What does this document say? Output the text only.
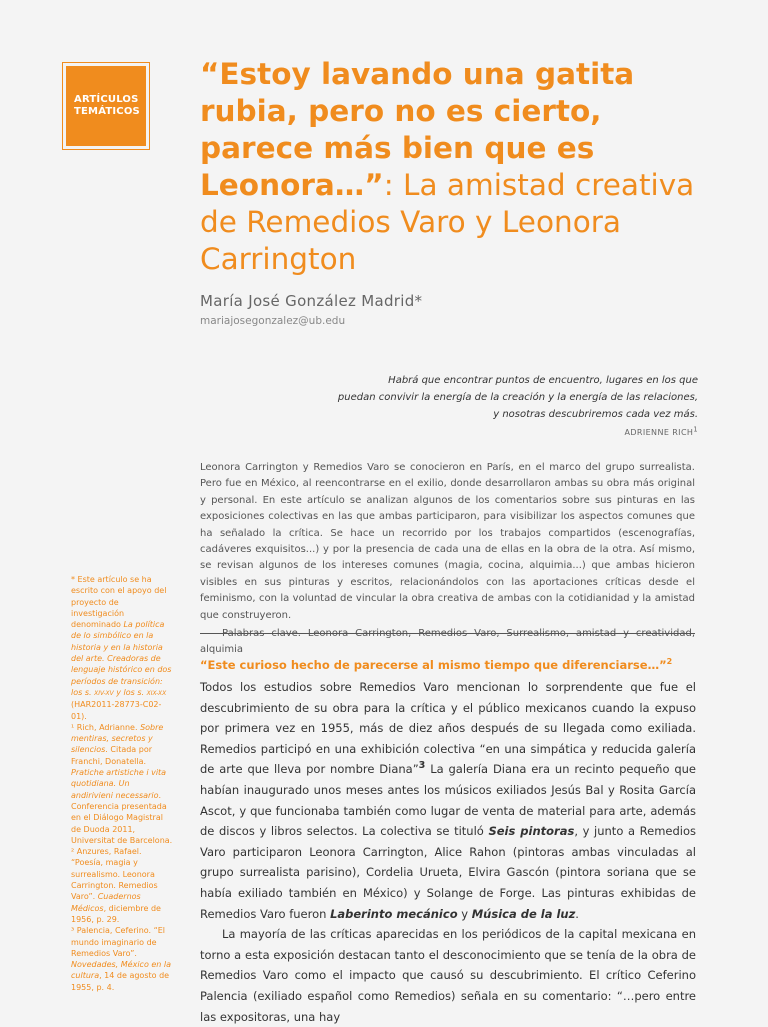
ARTÍCULOS
TEMÁTICOS
“Estoy lavando una gatita rubia, pero no es cierto, parece más bien que es Leonora…”: La amistad creativa de Remedios Varo y Leonora Carrington
María José González Madrid*
mariajosegonzalez@ub.edu
Habrá que encontrar puntos de encuentro, lugares en los que
puedan convivir la energía de la creación y la energía de las relaciones,
y nosotras descubriremos cada vez más.
ADRIENNE RICH$^1$

Leonora Carrington y Remedios Varo se conocieron en París, en el marco del grupo surrealista. Pero fue en México, al reencontrarse en el exilio, donde desarrollaron ambas su obra más original y personal. En este artículo se analizan algunos de los comentarios sobre sus pinturas en las exposiciones colectivas en las que ambas participaron, para visibilizar los aspectos comunes que ha señalado la crítica. Se hace un recorrido por los trabajos compartidos (escenografías, cadáveres exquisitos...) y por la presencia de cada una de ellas en la obra de la otra. Así mismo, se revisan algunos de los intereses comunes (magia, cocina, alquimia...) que ambas hicieron visibles en sus pinturas y escritos, relacionándolos con las aportaciones críticas desde el feminismo, con la voluntad de vincular la obra creativa de ambas con la cotidianidad y la amistad que construyeron.

alquimia

“Este curioso hecho de parecerse al mismo tiempo que diferenciarse…”$^2$

Todos los estudios sobre Remedios Varo mencionan lo sorprendente que fue el descubrimiento de su obra para la crítica y el público mexicanos cuando la expuso por primera vez en 1955, más de diez años después de su llegada como exiliada. Remedios participó en una exhibición colectiva “en una simpática y reducida galería de arte que lleva por nombre Diana”$^3$ La galería Diana era un recinto pequeño que habían inaugurado unos meses antes los músicos exiliados Jesús Bal y Rosita García Ascot, y que funcionaba también como lugar de venta de material para arte, además de discos y libros selectos. La colectiva se tituló Seis pintoras, y junto a Remedios Varo participaron Leonora Carrington, Alice Rahon (pintoras ambas vinculadas al grupo surrealista parisino), Cordelia Urueta, Elvira Gascón (pintora soriana que se había exiliado también en México) y Solange de Forge. Las pinturas exhibidas de Remedios Varo fueron Laberinto mecánico y Música de la luz.

La mayoría de las críticas aparecidas en los periódicos de la capital mexicana en torno a esta exposición destacan tanto el desconocimiento que se tenía de la obra de Remedios Varo como el impacto que causó su descubrimiento. El crítico Ceferino Palencia (exiliado español como Remedios) señala en su comentario: “…pero entre las expositoras, una hay

* Este artículo se ha escrito con el apoyo del proyecto de investigación denominado La política de lo simbólico en la historia y en la historia del arte. Creadoras de lenguaje histórico en dos períodos de transición: los s. XIV-XV y los s. XIX-XX (HAR2011-28773-C02-01).

¹ Rich, Adrianne. Sobre mentiras, secretos y silencios. Citada por Franchi, Donatella. Pratiche artistiche i vita quotidiana. Un andirivieni necessario. Conferencia presentada en el Diálogo Magistral de Duoda 2011, Universitat de Barcelona.

² Anzures, Rafael. “Poesía, magia y surrealismo. Leonora Carrington. Remedios Varo”. Cuadernos Médicos, diciembre de 1956, p. 29.

³ Palencia, Ceferino. “El mundo imaginario de Remedios Varo”. Novedades, México en la cultura, 14 de agosto de 1955, p. 4.
